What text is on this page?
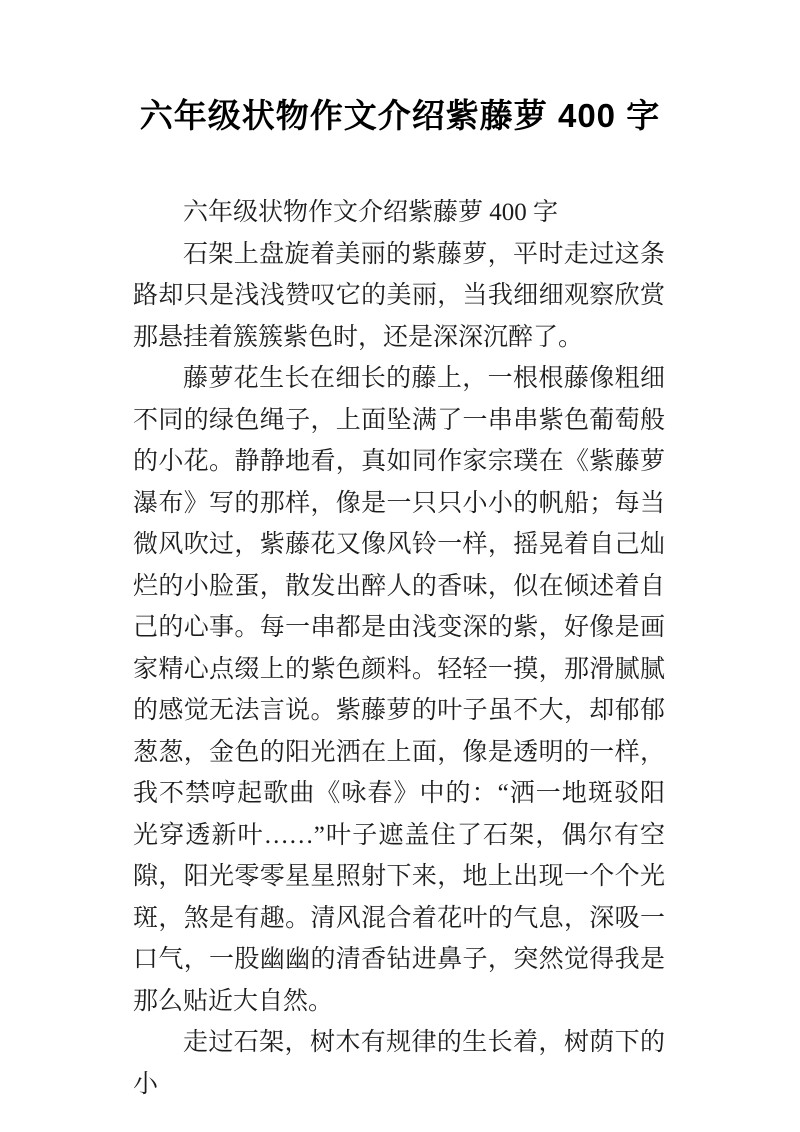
六年级状物作文介绍紫藤萝 400 字

六年级状物作文介绍紫藤萝 400 字

石架上盘旋着美丽的紫藤萝，平时走过这条路却只是浅浅赞叹它的美丽，当我细细观察欣赏那悬挂着簇簇紫色时，还是深深沉醉了。

藤萝花生长在细长的藤上，一根根藤像粗细不同的绿色绳子，上面坠满了一串串紫色葡萄般的小花。静静地看，真如同作家宗璞在《紫藤萝瀑布》写的那样，像是一只只小小的帆船；每当微风吹过，紫藤花又像风铃一样，摇晃着自己灿烂的小脸蛋，散发出醉人的香味，似在倾述着自己的心事。每一串都是由浅变深的紫，好像是画家精心点缀上的紫色颜料。轻轻一摸，那滑腻腻的感觉无法言说。紫藤萝的叶子虽不大，却郁郁葱葱，金色的阳光洒在上面，像是透明的一样，我不禁哼起歌曲《咏春》中的：“洒一地斑驳阳光穿透新叶……”叶子遮盖住了石架，偶尔有空隙，阳光零零星星照射下来，地上出现一个个光斑，煞是有趣。清风混合着花叶的气息，深吸一口气，一股幽幽的清香钻进鼻子，突然觉得我是那么贴近大自然。

走过石架，树木有规律的生长着，树荫下的小
